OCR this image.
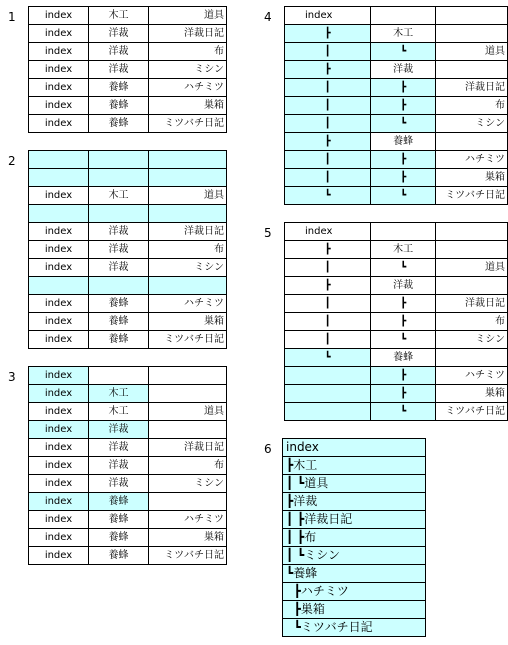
1
2
3
4
5
6
index	木工	道具
index	洋裁	洋裁日記
index	洋裁	布
index	洋裁	ミシン
index	養蜂	ハチミツ
index	養蜂	巣箱
index	養蜂	ミツバチ日記

index	木工	道具

index	洋裁	洋裁日記
index	洋裁	布
index	洋裁	ミシン

index	養蜂	ハチミツ
index	養蜂	巣箱
index	養蜂	ミツバチ日記
index		
index	木工	
index	木工	道具
index	洋裁	
index	洋裁	洋裁日記
index	洋裁	布
index	洋裁	ミシン
index	養蜂	
index	養蜂	ハチミツ
index	養蜂	巣箱
index	養蜂	ミツバチ日記
index		
┣	木工	
┃	┗	道具
┣	洋裁	
┃	┣	洋裁日記
┃	┣	布
┃	┗	ミシン
┣	養蜂	
┃	┣	ハチミツ
┃	┣	巣箱
┗	┗	ミツバチ日記
index		
┣	木工	
┃	┗	道具
┣	洋裁	
┃	┣	洋裁日記
┃	┣	布
┃	┗	ミシン
┗	養蜂	
	┣	ハチミツ
	┣	巣箱
	┗	ミツバチ日記
index
┣木工
┃ ┗道具
┣洋裁
┃ ┣洋裁日記
┃ ┣布
┃ ┗ミシン
┗養蜂
┣ハチミツ
┣巣箱
┗ミツバチ日記
